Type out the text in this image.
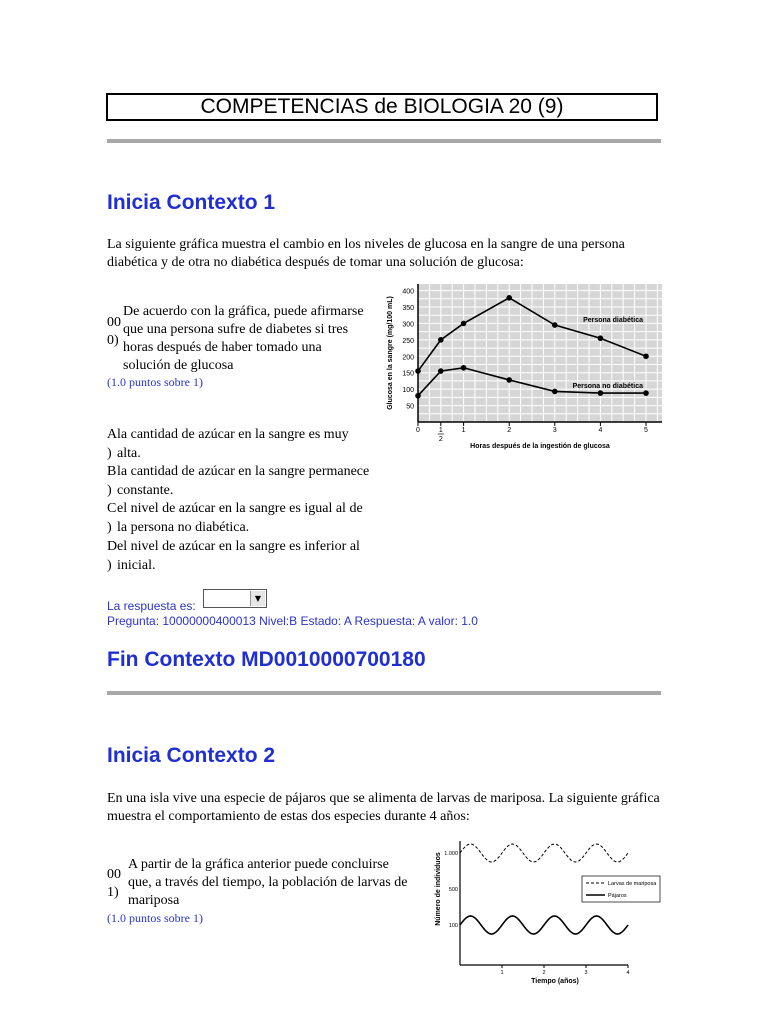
COMPETENCIAS de BIOLOGIA 20 (9)
Inicia Contexto 1
La siguiente gráfica muestra el cambio en los niveles de glucosa en la sangre de una persona diabética y de otra no diabética después de tomar una solución de glucosa:
00
0)
De acuerdo con la gráfica, puede afirmarse que una persona sufre de diabetes si tres horas después de haber tomado una solución de glucosa
(1.0 puntos sobre 1)
50
100
150
200
250
300
350
400
0	1
2
1	2	3	4	5
Horas después de la ingestión de glucosa
Glucosa en la sangre (mg/100 mL)	Persona diabética
Persona no diabética
A
)
la cantidad de azúcar en la sangre es muy alta.
B
)
la cantidad de azúcar en la sangre permanece constante.
C
)
el nivel de azúcar en la sangre es igual al de la persona no diabética.
D
)
el nivel de azúcar en la sangre es inferior al inicial.
La respuesta es:
▼
Pregunta: 10000000400013 Nivel:B Estado: A Respuesta: A valor: 1.0
Fin Contexto MD0010000700180
Inicia Contexto 2
En una isla vive una especie de pájaros que se alimenta de larvas de mariposa. La siguiente gráfica muestra el comportamiento de estas dos especies durante 4 años:
00
1)
A partir de la gráfica anterior puede concluirse que, a través del tiempo, la población de larvas de mariposa
(1.0 puntos sobre 1)
100
500
1.000
1	2	3	4
Tiempo (años)
Número de individuos	Larvas de mariposa
Pájaros
